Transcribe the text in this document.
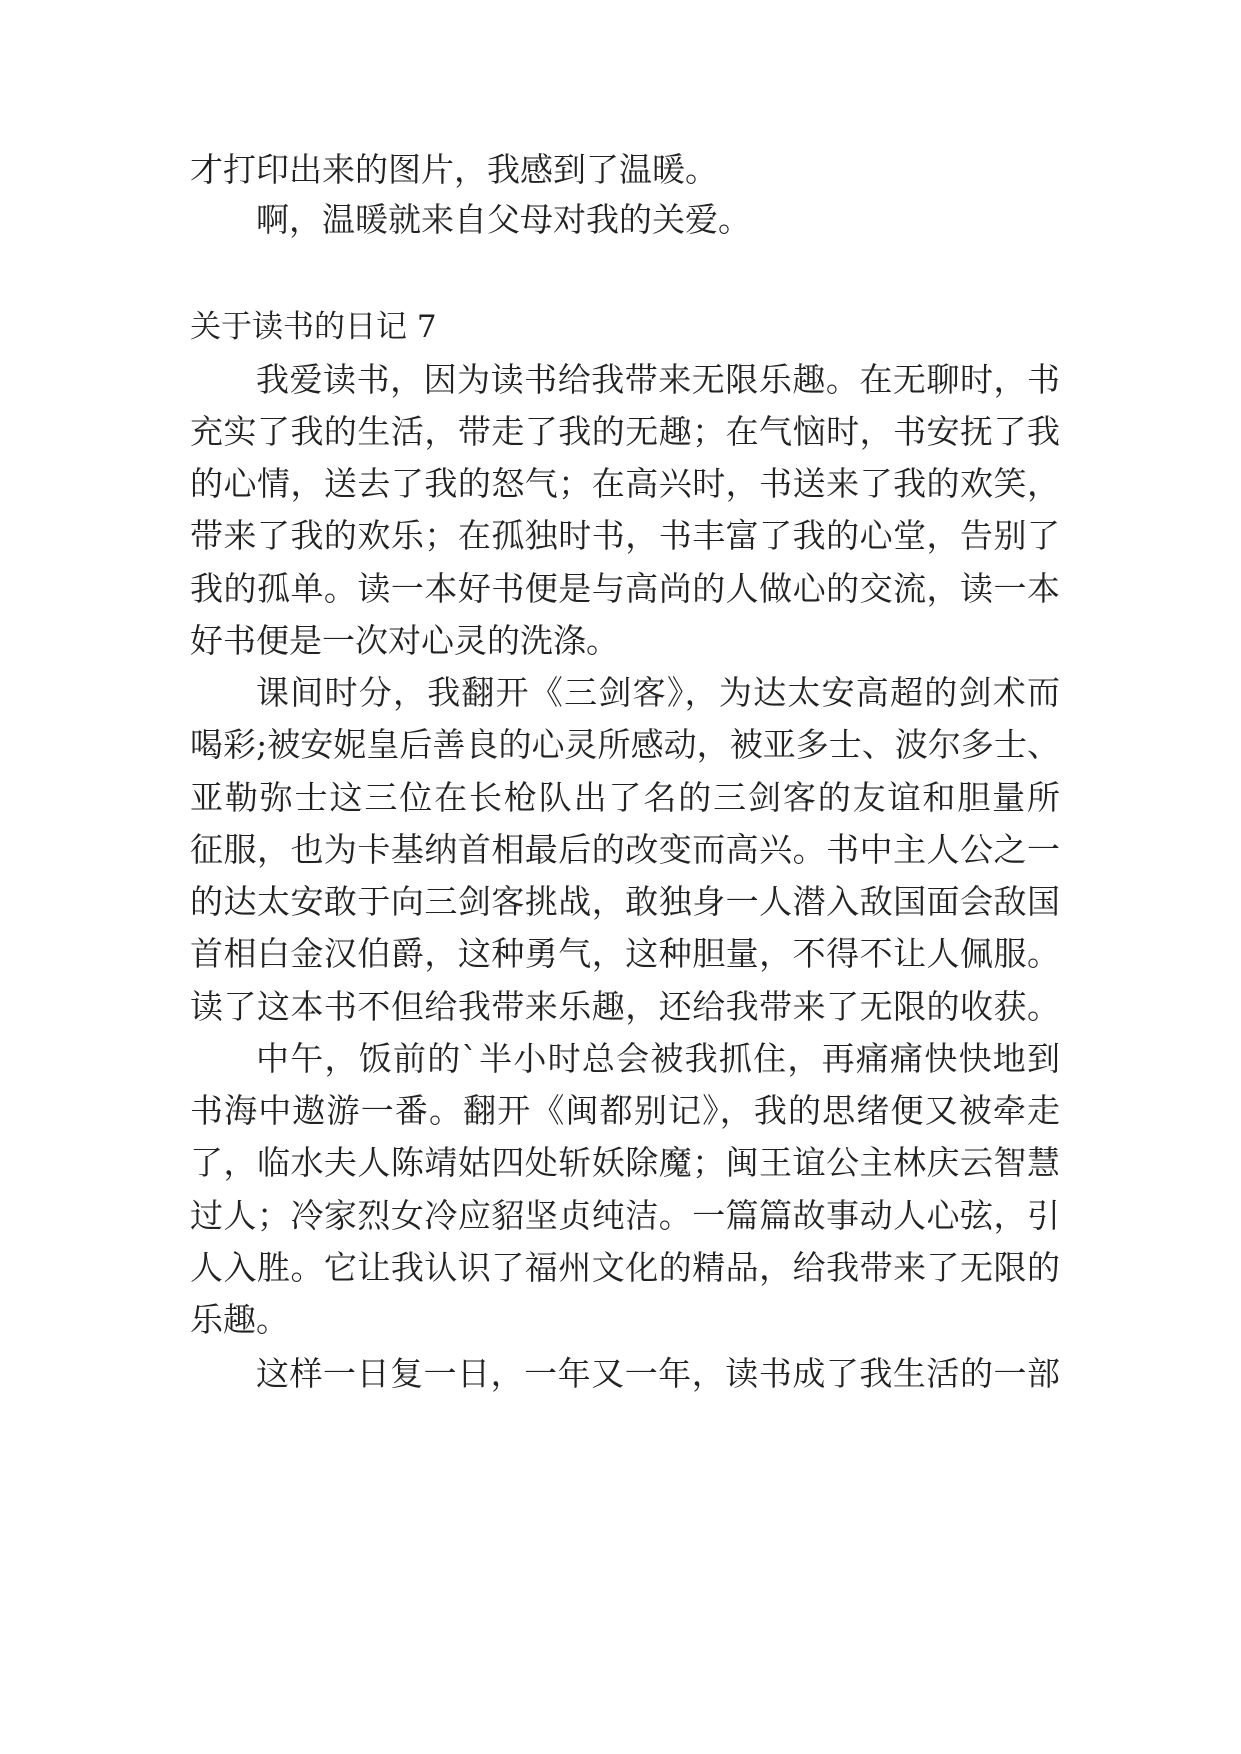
才打印出来的图片，我感到了温暖。
啊，温暖就来自父母对我的关爱。
关于读书的日记 7
我爱读书，因为读书给我带来无限乐趣。在无聊时，书
充实了我的生活，带走了我的无趣；在气恼时，书安抚了我
的心情，送去了我的怒气；在高兴时，书送来了我的欢笑，
带来了我的欢乐；在孤独时书，书丰富了我的心堂，告别了
我的孤单。读一本好书便是与高尚的人做心的交流，读一本
好书便是一次对心灵的洗涤。
课间时分，我翻开《三剑客》，为达太安高超的剑术而
喝彩;被安妮皇后善良的心灵所感动，被亚多士、波尔多士、
亚勒弥士这三位在长枪队出了名的三剑客的友谊和胆量所
征服，也为卡基纳首相最后的改变而高兴。书中主人公之一
的达太安敢于向三剑客挑战，敢独身一人潜入敌国面会敌国
首相白金汉伯爵，这种勇气，这种胆量，不得不让人佩服。
读了这本书不但给我带来乐趣，还给我带来了无限的收获。
中午，饭前的`半小时总会被我抓住，再痛痛快快地到
书海中遨游一番。翻开《闽都别记》，我的思绪便又被牵走
了，临水夫人陈靖姑四处斩妖除魔；闽王谊公主林庆云智慧
过人；冷家烈女冷应貂坚贞纯洁。一篇篇故事动人心弦，引
人入胜。它让我认识了福州文化的精品，给我带来了无限的
乐趣。
这样一日复一日，一年又一年，读书成了我生活的一部
